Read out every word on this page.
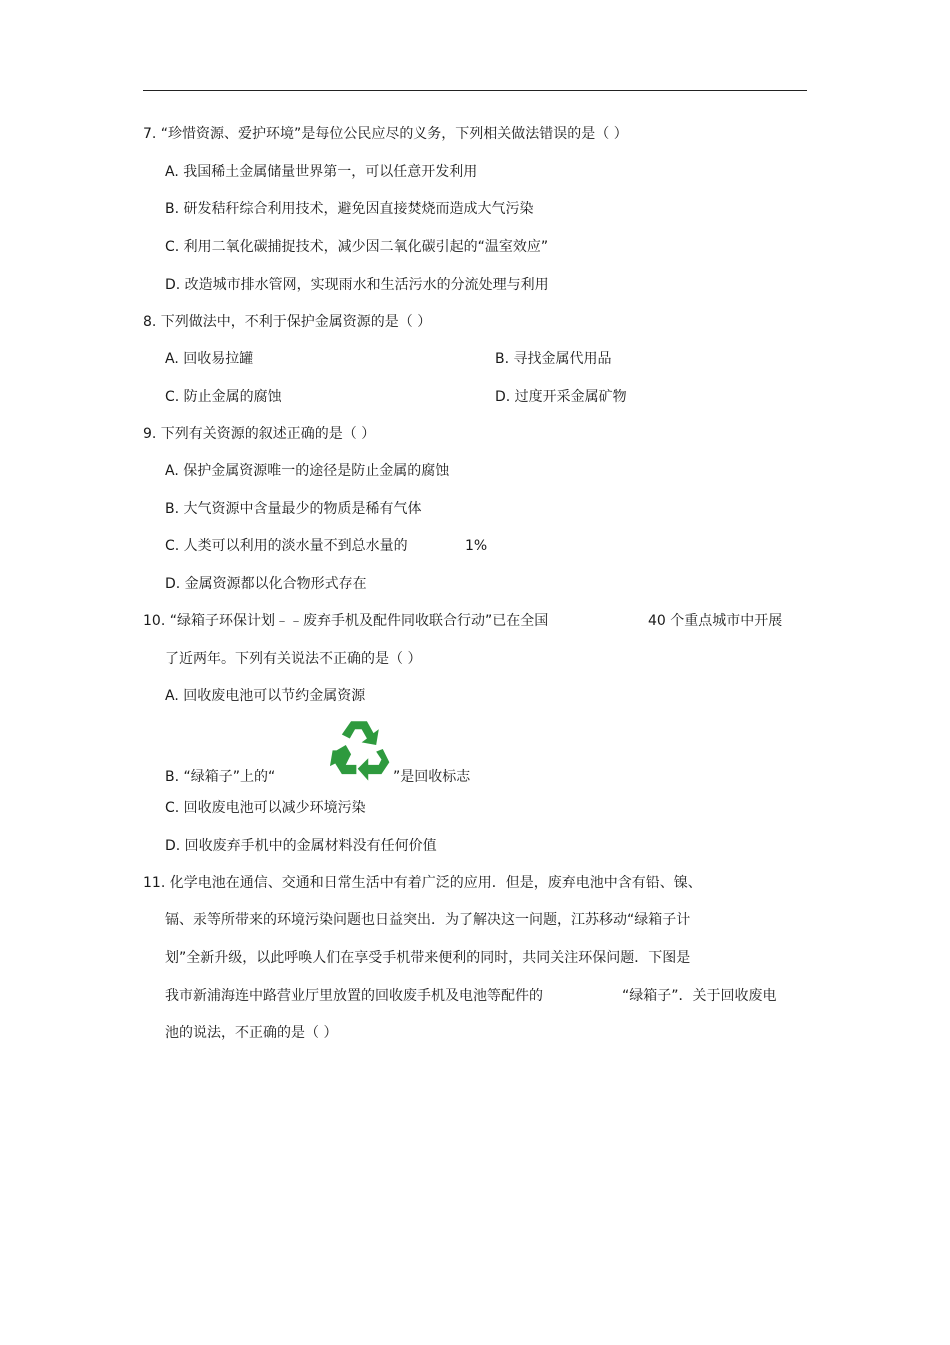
7. “珍惜资源、爱护环境”是每位公民应尽的义务，下列相关做法错误的是（ ）
A. 我国稀土金属储量世界第一，可以任意开发利用
B. 研发秸秆综合利用技术，避免因直接焚烧而造成大气污染
C. 利用二氧化碳捕捉技术，减少因二氧化碳引起的“温室效应”
D. 改造城市排水管网，实现雨水和生活污水的分流处理与利用
8. 下列做法中，不利于保护金属资源的是（ ）
A. 回收易拉罐	B. 寻找金属代用品
C. 防止金属的腐蚀	D. 过度开采金属矿物
9. 下列有关资源的叙述正确的是（ ）
A. 保护金属资源唯一的途径是防止金属的腐蚀
B. 大气资源中含量最少的物质是稀有气体
C. 人类可以利用的淡水量不到总水量的	1%
D. 金属资源都以化合物形式存在
10. “绿箱子环保计划﹣﹣废弃手机及配件同收联合行动”已在全国	40 个重点城市中开展
了近两年。下列有关说法不正确的是（ ）
A. 回收废电池可以节约金属资源
B. “绿箱子”上的“	”是回收标志
C. 回收废电池可以减少环境污染
D. 回收废弃手机中的金属材料没有任何价值
11. 化学电池在通信、交通和日常生活中有着广泛的应用．但是，废弃电池中含有铅、镍、
镉、汞等所带来的环境污染问题也日益突出．为了解决这一问题，江苏移动“绿箱子计
划”全新升级，以此呼唤人们在享受手机带来便利的同时，共同关注环保问题．下图是
我市新浦海连中路营业厅里放置的回收废手机及电池等配件的	“绿箱子”．关于回收废电
池的说法，不正确的是（ ）
